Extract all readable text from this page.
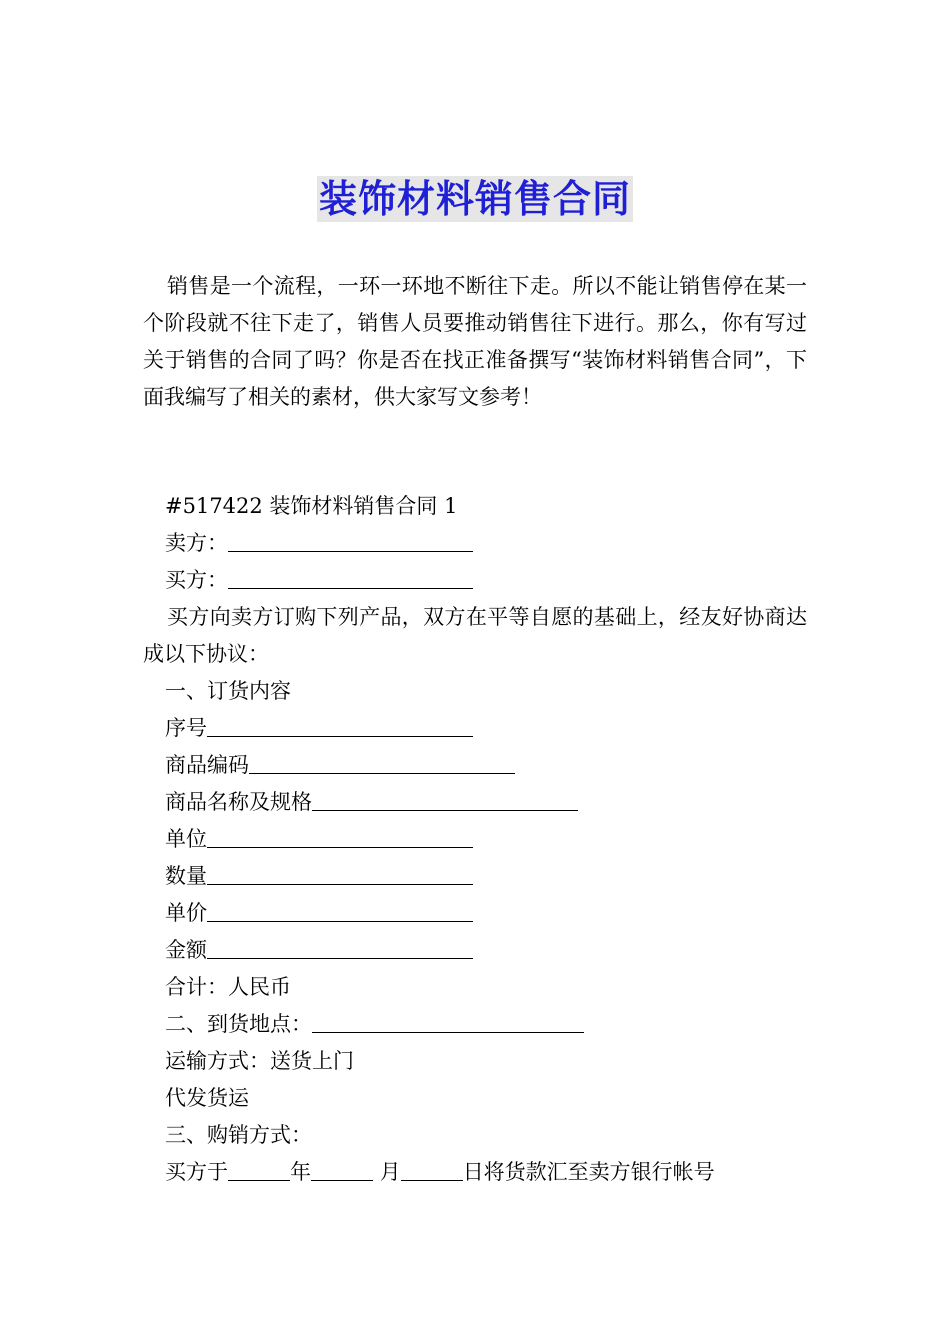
装饰材料销售合同

销售是一个流程，一环一环地不断往下走。所以不能让销售停在某一个阶段就不往下走了，销售人员要推动销售往下进行。那么，你有写过关于销售的合同了吗？你是否在找正准备撰写“装饰材料销售合同”，下面我编写了相关的素材，供大家写文参考！

#517422 装饰材料销售合同 1
卖方：
买方：

买方向卖方订购下列产品，双方在平等自愿的基础上，经友好协商达成以下协议：

一、订货内容
序号
商品编码
商品名称及规格
单位
数量
单价
金额
合计：人民币
二、到货地点：
运输方式：送货上门
代发货运
三、购销方式：
买方于	年	月	日将货款汇至卖方银行帐号
